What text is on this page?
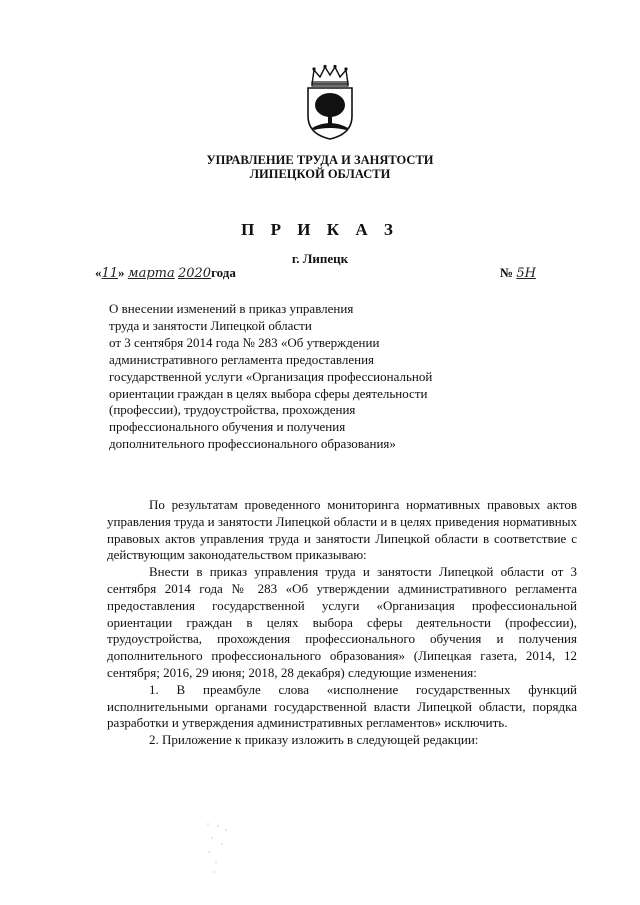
УПРАВЛЕНИЕ ТРУДА И ЗАНЯТОСТИ
ЛИПЕЦКОЙ ОБЛАСТИ
П Р И К А З
г. Липецк
«11» марта 2020года	№ 5Н
О внесении изменений в приказ управления
труда и занятости Липецкой области
от 3 сентября 2014 года № 283 «Об утверждении
административного регламента предоставления
государственной услуги «Организация профессиональной
ориентации граждан в целях выбора сферы деятельности
(профессии), трудоустройства, прохождения
профессионального обучения и получения
дополнительного профессионального образования»

По результатам проведенного мониторинга нормативных правовых актов управления труда и занятости Липецкой области и в целях приведения нормативных правовых актов управления труда и занятости Липецкой области в соответствие с действующим законодательством приказываю:

Внести в приказ управления труда и занятости Липецкой области от 3 сентября 2014 года № 283 «Об утверждении административного регламента предоставления государственной услуги «Организация профессиональной ориентации граждан в целях выбора сферы деятельности (профессии), трудоустройства, прохождения профессионального обучения и получения дополнительного профессионального образования» (Липецкая газета, 2014, 12 сентября; 2016, 29 июня; 2018, 28 декабря) следующие изменения:

1. В преамбуле слова «исполнение государственных функций исполнительными органами государственной власти Липецкой области, порядка разработки и утверждения административных регламентов» исключить.

2. Приложение к приказу изложить в следующей редакции:
